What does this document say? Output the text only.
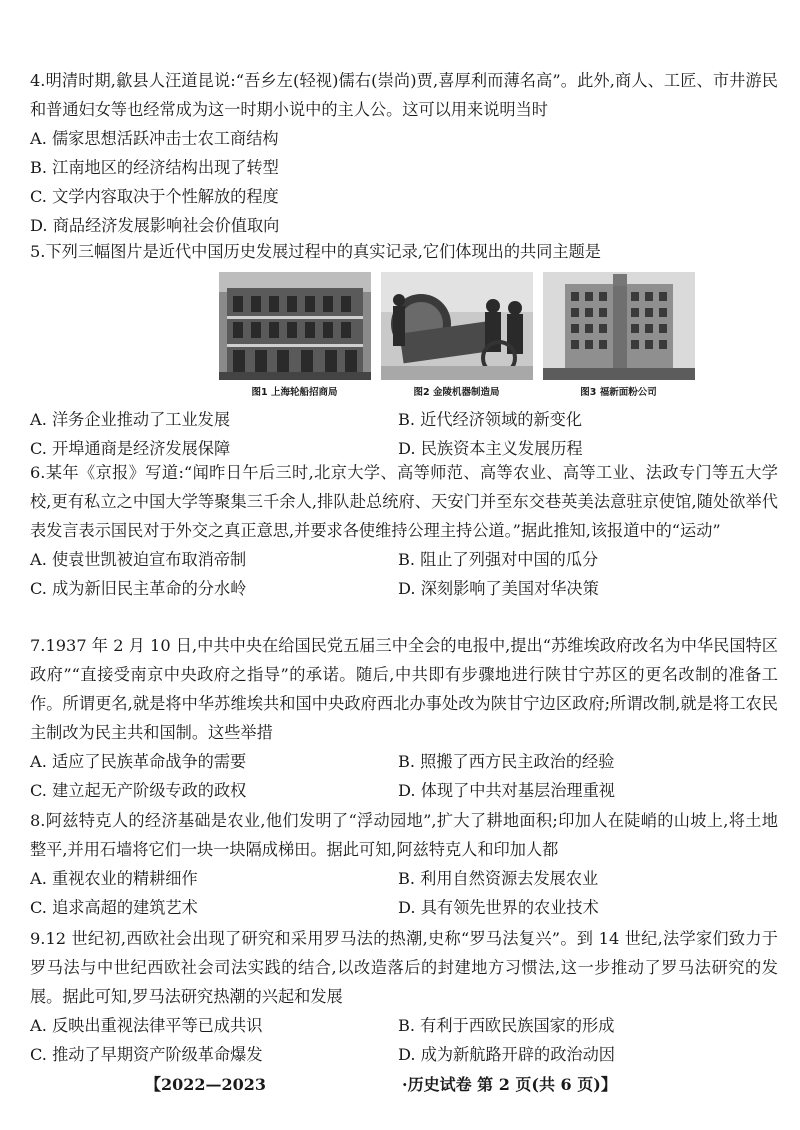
4.明清时期,歙县人汪道昆说:“吾乡左(轻视)儒右(崇尚)贾,喜厚利而薄名高”。此外,商人、工匠、市井游民和普通妇女等也经常成为这一时期小说中的主人公。这可以用来说明当时

A. 儒家思想活跃冲击士农工商结构
B. 江南地区的经济结构出现了转型
C. 文学内容取决于个性解放的程度
D. 商品经济发展影响社会价值取向

5.下列三幅图片是近代中国历史发展过程中的真实记录,它们体现出的共同主题是

图1 上海轮船招商局	图2 金陵机器制造局	图3 福新面粉公司
A. 洋务企业推动了工业发展	B. 近代经济领域的新变化
C. 开埠通商是经济发展保障	D. 民族资本主义发展历程

6.某年《京报》写道:“闻昨日午后三时,北京大学、高等师范、高等农业、高等工业、法政专门等五大学校,更有私立之中国大学等聚集三千余人,排队赴总统府、天安门并至东交巷英美法意驻京使馆,随处欲举代表发言表示国民对于外交之真正意思,并要求各使维持公理主持公道。”据此推知,该报道中的“运动”

A. 使袁世凯被迫宣布取消帝制	B. 阻止了列强对中国的瓜分
C. 成为新旧民主革命的分水岭	D. 深刻影响了美国对华决策

7.1937 年 2 月 10 日,中共中央在给国民党五届三中全会的电报中,提出“苏维埃政府改名为中华民国特区政府”“直接受南京中央政府之指导”的承诺。随后,中共即有步骤地进行陕甘宁苏区的更名改制的准备工作。所谓更名,就是将中华苏维埃共和国中央政府西北办事处改为陕甘宁边区政府;所谓改制,就是将工农民主制改为民主共和国制。这些举措

A. 适应了民族革命战争的需要	B. 照搬了西方民主政治的经验
C. 建立起无产阶级专政的政权	D. 体现了中共对基层治理重视

8.阿兹特克人的经济基础是农业,他们发明了“浮动园地”,扩大了耕地面积;印加人在陡峭的山坡上,将土地整平,并用石墙将它们一块一块隔成梯田。据此可知,阿兹特克人和印加人都

A. 重视农业的精耕细作	B. 利用自然资源去发展农业
C. 追求高超的建筑艺术	D. 具有领先世界的农业技术

9.12 世纪初,西欧社会出现了研究和采用罗马法的热潮,史称“罗马法复兴”。到 14 世纪,法学家们致力于罗马法与中世纪西欧社会司法实践的结合,以改造落后的封建地方习惯法,这一步推动了罗马法研究的发展。据此可知,罗马法研究热潮的兴起和发展

A. 反映出重视法律平等已成共识	B. 有利于西欧民族国家的形成
C. 推动了早期资产阶级革命爆发	D. 成为新航路开辟的政治动因
【2022—2023	·历史试卷 第 2 页(共 6 页)】
